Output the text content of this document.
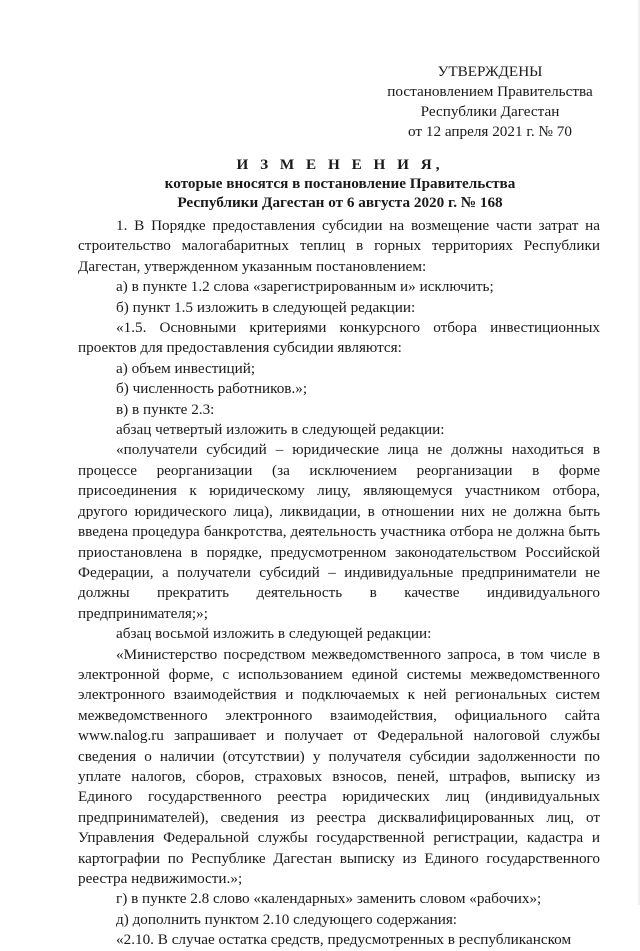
УТВЕРЖДЕНЫ
постановлением Правительства
Республики Дагестан
от 12 апреля 2021 г. № 70
И З М Е Н Е Н И Я,
которые вносятся в постановление Правительства
Республики Дагестан от 6 августа 2020 г. № 168

1. В Порядке предоставления субсидии на возмещение части затрат на строительство малогабаритных теплиц в горных территориях Республики Дагестан, утвержденном указанным постановлением:

а) в пункте 1.2 слова «зарегистрированным и» исключить;

б) пункт 1.5 изложить в следующей редакции:

«1.5. Основными критериями конкурсного отбора инвестиционных проектов для предоставления субсидии являются:

а) объем инвестиций;

б) численность работников.»;

в) в пункте 2.3:

абзац четвертый изложить в следующей редакции:

«получатели субсидий – юридические лица не должны находиться в процессе реорганизации (за исключением реорганизации в форме присоединения к юридическому лицу, являющемуся участником отбора, другого юридического лица), ликвидации, в отношении них не должна быть введена процедура банкротства, деятельность участника отбора не должна быть приостановлена в порядке, предусмотренном законодательством Российской Федерации, а получатели субсидий – индивидуальные предприниматели не должны прекратить деятельность в качестве индивидуального предпринимателя;»;

абзац восьмой изложить в следующей редакции:

«Министерство посредством межведомственного запроса, в том числе в электронной форме, с использованием единой системы межведомственного электронного взаимодействия и подключаемых к ней региональных систем межведомственного электронного взаимодействия, официального сайта www.nalog.ru запрашивает и получает от Федеральной налоговой службы сведения о наличии (отсутствии) у получателя субсидии задолженности по уплате налогов, сборов, страховых взносов, пеней, штрафов, выписку из Единого государственного реестра юридических лиц (индивидуальных предпринимателей), сведения из реестра дисквалифицированных лиц, от Управления Федеральной службы государственной регистрации, кадастра и картографии по Республике Дагестан выписку из Единого государственного реестра недвижимости.»;

г) в пункте 2.8 слово «календарных» заменить словом «рабочих»;

д) дополнить пунктом 2.10 следующего содержания:

«2.10. В случае остатка средств, предусмотренных в республиканском
